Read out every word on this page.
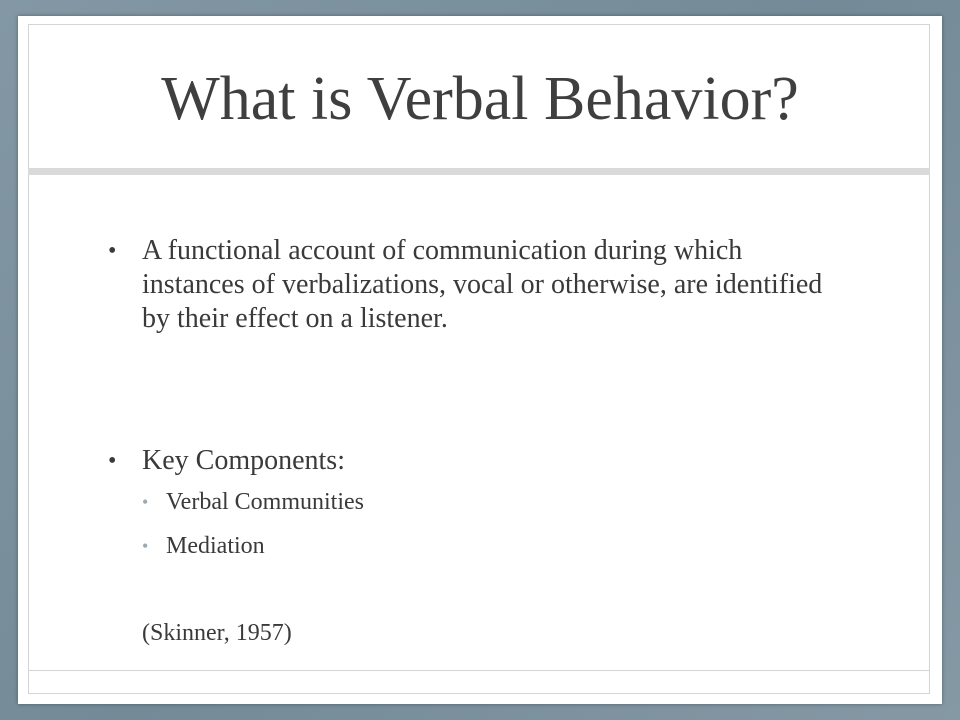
What is Verbal Behavior?
• A functional account of communication during which instances of verbalizations, vocal or otherwise, are identified by their effect on a listener.
• Key Components:
• Verbal Communities
• Mediation
(Skinner, 1957)
